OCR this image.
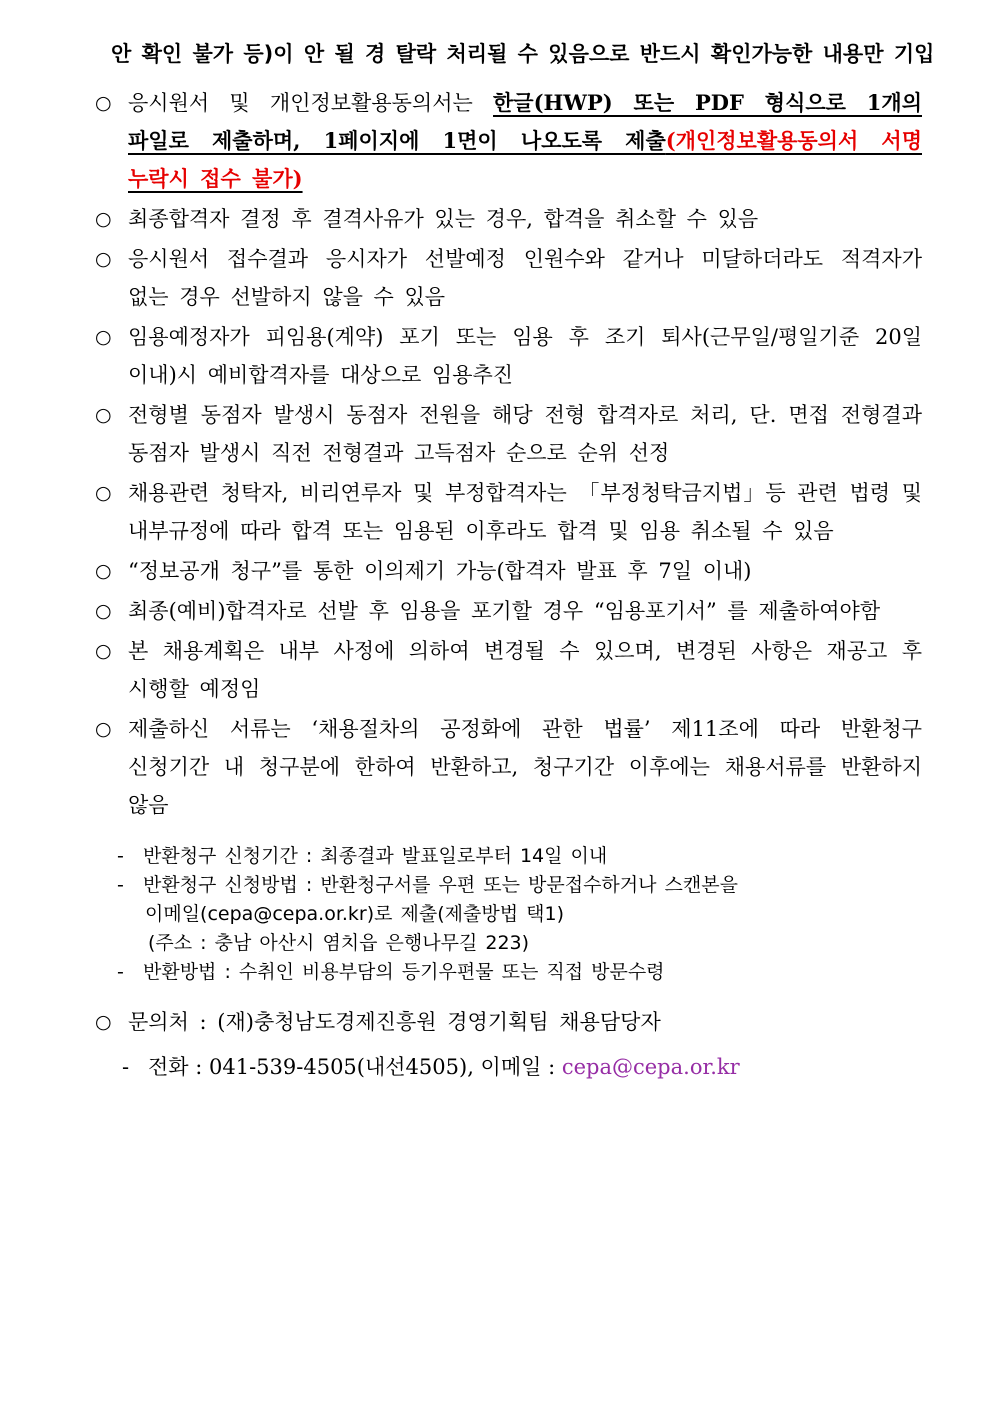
안 확인 불가 등)이 안 될 경 탈락 처리될 수 있음으로 반드시 확인가능한 내용만 기입
○ 응시원서 및 개인정보활용동의서는 한글(HWP) 또는 PDF 형식으로 1개의 파일로 제출하며, 1페이지에 1면이 나오도록 제출(개인정보활용동의서 서명 누락시 접수 불가)

○ 최종합격자 결정 후 결격사유가 있는 경우, 합격을 취소할 수 있음

○ 응시원서 접수결과 응시자가 선발예정 인원수와 같거나 미달하더라도 적격자가 없는 경우 선발하지 않을 수 있음

○ 임용예정자가 피임용(계약) 포기 또는 임용 후 조기 퇴사(근무일/평일기준 20일 이내)시 예비합격자를 대상으로 임용추진

○ 전형별 동점자 발생시 동점자 전원을 해당 전형 합격자로 처리, 단. 면접 전형결과 동점자 발생시 직전 전형결과 고득점자 순으로 순위 선정

○ 채용관련 청탁자, 비리연루자 및 부정합격자는 「부정청탁금지법」등 관련 법령 및 내부규정에 따라 합격 또는 임용된 이후라도 합격 및 임용 취소될 수 있음

○ “정보공개 청구”를 통한 이의제기 가능(합격자 발표 후 7일 이내)

○ 최종(예비)합격자로 선발 후 임용을 포기할 경우 “임용포기서” 를 제출하여야함

○ 본 채용계획은 내부 사정에 의하여 변경될 수 있으며, 변경된 사항은 재공고 후 시행할 예정임

○ 제출하신 서류는 ‘채용절차의 공정화에 관한 법률’ 제11조에 따라 반환청구 신청기간 내 청구분에 한하여 반환하고, 청구기간 이후에는 채용서류를 반환하지 않음

-	반환청구 신청기간 : 최종결과 발표일로부터 14일 이내

-	반환청구 신청방법 : 반환청구서를 우편 또는 방문접수하거나 스캔본을

이메일(cepa@cepa.or.kr)로 제출(제출방법 택1)

(주소 : 충남 아산시 염치읍 은행나무길 223)

-	반환방법 : 수취인 비용부담의 등기우편물 또는 직접 방문수령

○ 문의처 : (재)충청남도경제진흥원 경영기획팀 채용담당자

- 전화 : 041-539-4505(내선4505), 이메일 : cepa@cepa.or.kr
